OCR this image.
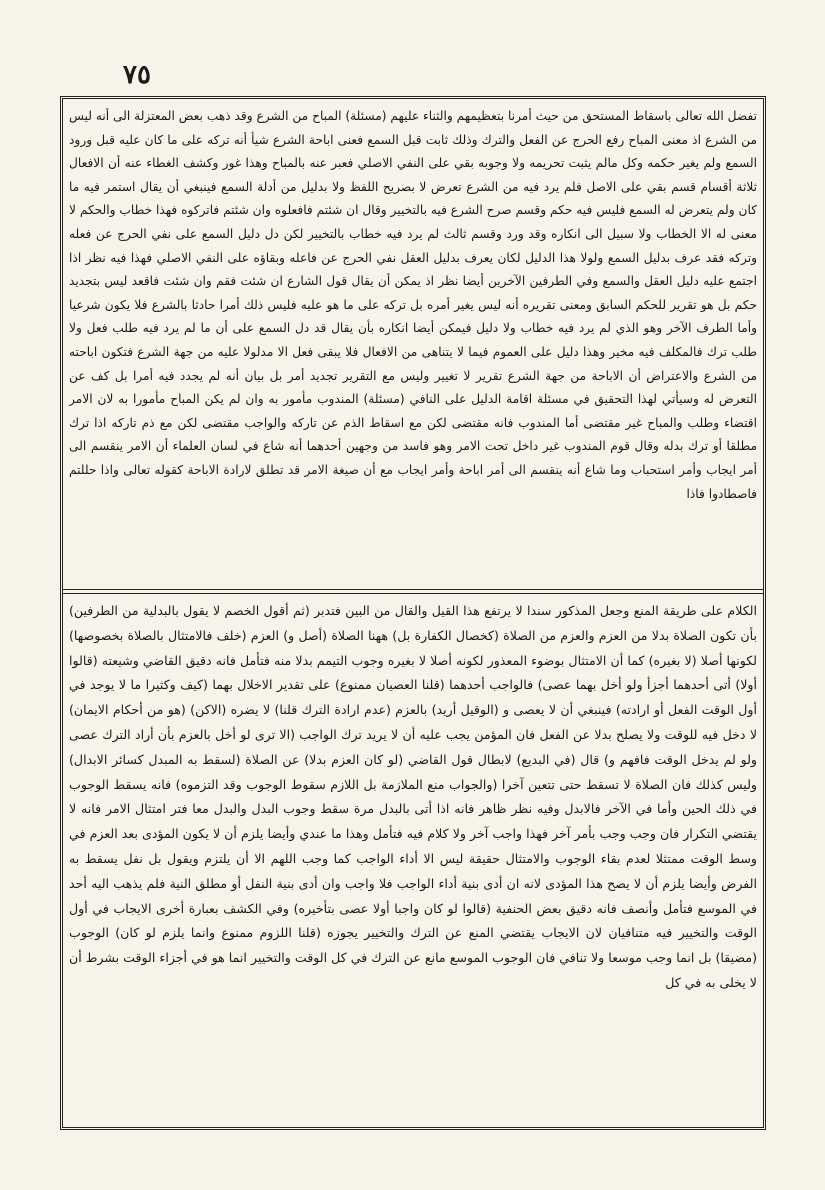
٧٥

تفضل الله تعالى باسقاط المستحق من حيث أمرنا بتعظيمهم والثناء عليهم (مسئلة) المباح من الشرع وقد ذهب بعض المعتزلة الى أنه ليس من الشرع اذ معنى المباح رفع الحرج عن الفعل والترك وذلك ثابت قبل السمع فعنى اباحة الشرع شيأ أنه تركه على ما كان عليه قبل ورود السمع ولم يغير حكمه وكل مالم يثبت تحريمه ولا وجوبه بقي على النفي الاصلي فعبر عنه بالمباح وهذا غور وكشف الغطاء عنه أن الافعال ثلاثة أقسام قسم بقي على الاصل فلم يرد فيه من الشرع تعرض لا بصريح اللفظ ولا بدليل من أدلة السمع فينبغي أن يقال استمر فيه ما كان ولم يتعرض له السمع فليس فيه حكم وقسم صرح الشرع فيه بالتخيير وقال ان شئتم فافعلوه وان شئتم فاتركوه فهذا خطاب والحكم لا معنى له الا الخطاب ولا سبيل الى انكاره وقد ورد وقسم ثالث لم يرد فيه خطاب بالتخيير لكن دل دليل السمع على نفي الحرج عن فعله وتركه فقد عرف بدليل السمع ولولا هذا الدليل لكان يعرف بدليل العقل نفي الحرج عن فاعله وبقاؤه على النفي الاصلي فهذا فيه نظر اذا اجتمع عليه دليل العقل والسمع وفي الطرفين الآخرين أيضا نظر اذ يمكن أن يقال قول الشارع ان شئت فقم وان شئت فاقعد ليس بتجديد حكم بل هو تقرير للحكم السابق ومعنى تقريره أنه ليس يغير أمره بل تركه على ما هو عليه فليس ذلك أمرا حادثا بالشرع فلا يكون شرعيا وأما الطرف الآخر وهو الذي لم يرد فيه خطاب ولا دليل فيمكن أيضا انكاره بأن يقال قد دل السمع على أن ما لم يرد فيه طلب فعل ولا طلب ترك فالمكلف فيه مخير وهذا دليل على العموم فيما لا يتناهى من الافعال فلا يبقى فعل الا مدلولا عليه من جهة الشرع فتكون اباحته من الشرع والاعتراض أن الاباحة من جهة الشرع تقرير لا تغيير وليس مع التقرير تجديد أمر بل بيان أنه لم يجدد فيه أمرا بل كف عن التعرض له وسيأتي لهذا التحقيق في مسئلة اقامة الدليل على النافي (مسئلة) المندوب مأمور به وان لم يكن المباح مأمورا به لان الامر اقتضاء وطلب والمباح غير مقتضى أما المندوب فانه مقتضى لكن مع اسقاط الذم عن تاركه والواجب مقتضى لكن مع ذم تاركه اذا ترك مطلقا أو ترك بدله وقال قوم المندوب غير داخل تحت الامر وهو فاسد من وجهين أحدهما أنه شاع في لسان العلماء أن الامر ينقسم الى أمر ايجاب وأمر استحباب وما شاع أنه ينقسم الى أمر اباحة وأمر ايجاب مع أن صيغة الامر قد تطلق لارادة الاباحة كقوله تعالى واذا حللتم فاصطادوا فاذا

الكلام على طريقة المنع وجعل المذكور سندا لا يرتفع هذا القيل والقال من البين فتدبر (ثم أقول الخصم لا يقول بالبدلية من الطرفين) بأن تكون الصلاة بدلا من العزم والعزم من الصلاة (كخصال الكفارة بل) ههنا الصلاة (أصل و) العزم (خلف فالامتثال بالصلاة بخصوصها) لكونها أصلا (لا بغيره) كما أن الامتثال بوضوء المعذور لكونه أصلا لا بغيره وجوب التيمم بدلا منه فتأمل فانه دقيق القاضي وشيعته (قالوا أولا) أتى أحدهما أجزأ ولو أخل بهما عصى) فالواجب أحدهما (قلنا العصيان ممنوع) على تقدير الاخلال بهما (كيف وكثيرا ما لا يوجد في أول الوقت الفعل أو ارادته) فينبغي أن لا يعصى و (الوقيل أريد) بالعزم (عدم ارادة الترك قلنا) لا يضره (الاكن) (هو من أحكام الايمان) لا دخل فيه للوقت ولا يصلح بدلا عن الفعل فان المؤمن يجب عليه أن لا يريد ترك الواجب (الا ترى لو أخل بالعزم بأن أراد الترك عصى ولو لم يدخل الوقت فافهم و) قال (في البديع) لابطال قول القاضي (لو كان العزم بدلا) عن الصلاة (لسقط به المبدل كسائر الابدال) وليس كذلك فان الصلاة لا تسقط حتى تتعين آخرا (والجواب منع الملازمة بل اللازم سقوط الوجوب وقد التزموه) فانه يسقط الوجوب في ذلك الحين وأما في الآخر فالابدل وفيه نظر ظاهر فانه اذا أتى بالبدل مرة سقط وجوب البدل والبدل معا فتر امتثال الامر فانه لا يقتضي التكرار فان وجب وجب بأمر آخر فهذا واجب آخر ولا كلام فيه فتأمل وهذا ما عندي وأيضا يلزم أن لا يكون المؤدى بعد العزم في وسط الوقت ممتثلا لعدم بقاء الوجوب والامتثال حقيقة ليس الا أداء الواجب كما وجب اللهم الا أن يلتزم ويقول بل نفل يسقط به الفرض وأيضا يلزم أن لا يصح هذا المؤدى لانه ان أدى بنية أداء الواجب فلا واجب وان أدى بنية النفل أو مطلق النية فلم يذهب اليه أحد في الموسع فتأمل وأنصف فانه دقيق بعض الحنفية (قالوا لو كان واجبا أولا عصى بتأخيره) وفي الكشف بعبارة أخرى الايجاب في أول الوقت والتخيير فيه متنافيان لان الايجاب يقتضي المنع عن الترك والتخيير يجوزه (قلنا اللزوم ممنوع وانما يلزم لو كان) الوجوب (مضيقا) بل انما وجب موسعا ولا تنافي فان الوجوب الموسع مانع عن الترك في كل الوقت والتخيير انما هو في أجزاء الوقت بشرط أن لا يخلى به في كل
